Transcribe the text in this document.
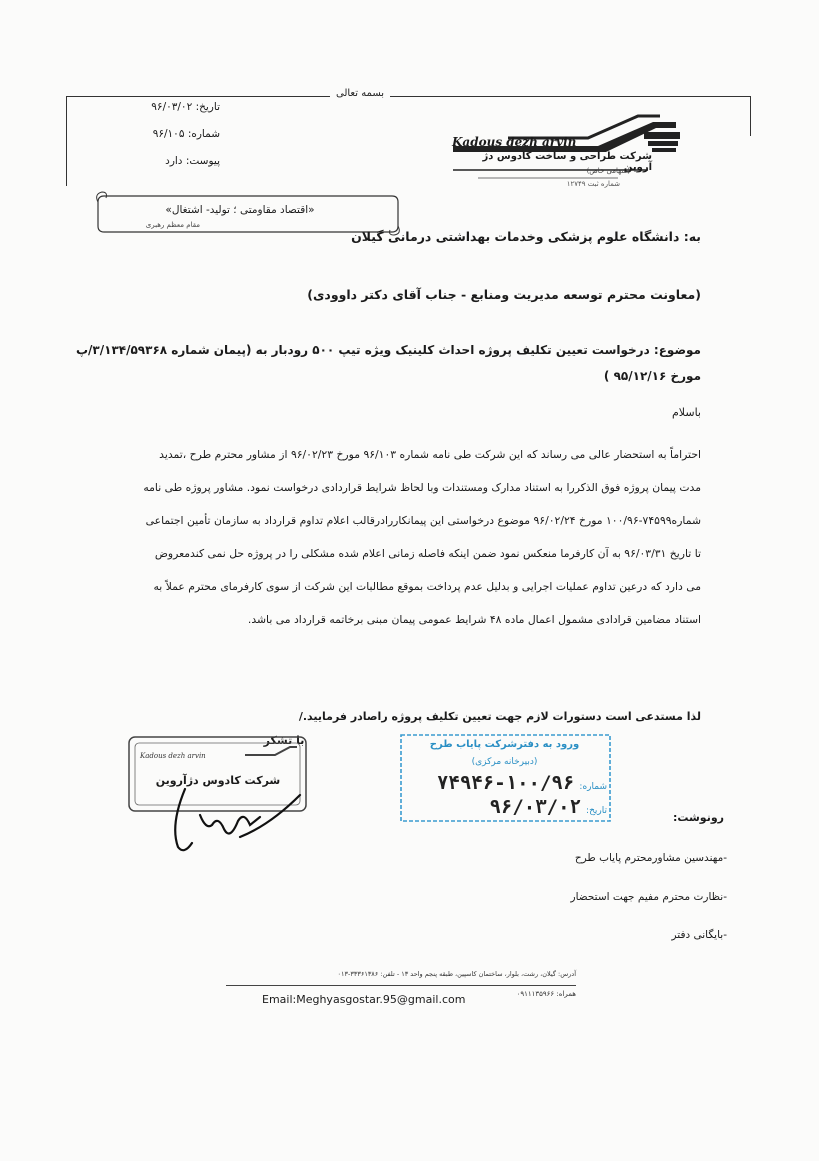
بسمه تعالی
تاریخ: ۹۶/۰۳/۰۲
شماره: ۹۶/۱۰۵
پیوست: دارد
Kadous dezh arvin
شرکت طراحی و ساخت کادوس دژ آروین
(سهامی خاص)
شماره ثبت ۱۲۷۴۹
«اقتصاد مقاومتی ؛ تولید- اشتغال»
مقام معظم رهبری
به: دانشگاه علوم پزشکی وخدمات بهداشتی درمانی گیلان
(معاونت محترم توسعه مدیریت ومنابع - جناب آقای دکتر داوودی)
موضوع: درخواست تعیین تکلیف پروژه احداث کلینیک ویژه تیپ ۵۰۰ رودبار به (پیمان شماره ۳/۱۳۴/۵۹۳۶۸/پ
مورخ ۹۵/۱۲/۱۶ )
باسلام
احتراماً به استحضار عالی می رساند که این شرکت طی نامه شماره ۹۶/۱۰۳ مورخ ۹۶/۰۲/۲۳ از مشاور محترم طرح ،تمدید
مدت پیمان پروژه فوق الذکررا به استناد مدارک ومستندات وبا لحاظ شرایط قراردادی درخواست نمود. مشاور پروژه طی نامه
شماره۷۴۵۹۹-۱۰۰/۹۶ مورخ ۹۶/۰۲/۲۴ موضوع درخواستی این پیمانکاررادرقالب اعلام تداوم قرارداد به سازمان تأمین اجتماعی
تا تاریخ ۹۶/۰۳/۳۱ به آن کارفرما منعکس نمود ضمن اینکه فاصله زمانی اعلام شده مشکلی را در پروژه حل نمی کندمعروض
می دارد که درعین تداوم عملیات اجرایی و بدلیل عدم پرداخت بموقع مطالبات این شرکت از سوی کارفرمای محترم عملاً به
استناد مضامین قرادادی مشمول اعمال ماده ۴۸ شرایط عمومی پیمان مبنی برخاتمه قرارداد می باشد.
لذا مستدعی است دستورات لازم جهت تعیین تکلیف پروژه راصادر فرمایید./
با تشکر
Kadous dezh arvin
شرکت کادوس دژآروین
ورود به دفترشرکت پایاب طرح
(دبیرخانه مرکزی)
شماره: ۱۰۰/۹۶-۷۴۹۴۶
تاریخ: ۹۶/۰۳/۰۲	رونوشت:
-مهندسین مشاورمحترم پایاب طرح
-نظارت محترم مفیم جهت استحضار
-بایگانی دفتر
آدرس: گیلان، رشت، بلوار، ساختمان کاسپین، طبقه پنجم واحد ۱۳ - تلفن: ۳۳۳۶۱۳۸۶-۰۱۳
همراه: ۰۹۱۱۱۳۵۹۶۶
Email:Meghyasgostar.95@gmail.com
